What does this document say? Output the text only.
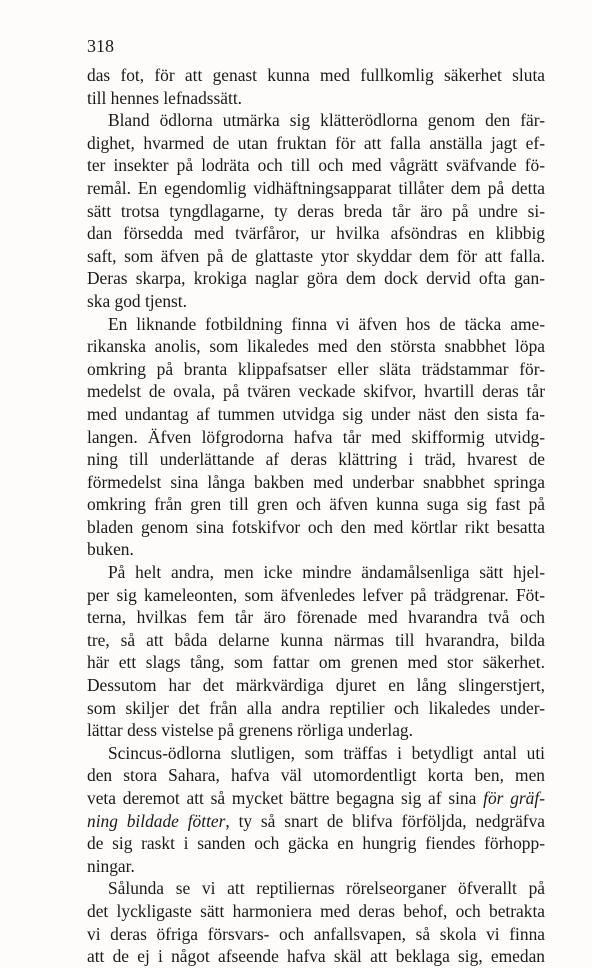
318
das fot, för att genast kunna med fullkomlig säkerhet sluta
till hennes lefnadssätt.
Bland ödlorna utmärka sig klätterödlorna genom den fär-
dighet, hvarmed de utan fruktan för att falla anställa jagt ef-
ter insekter på lodräta och till och med vågrätt sväfvande fö-
remål. En egendomlig vidhäftningsapparat tillåter dem på detta
sätt trotsa tyngdlagarne, ty deras breda tår äro på undre si-
dan försedda med tvärfåror, ur hvilka afsöndras en klibbig
saft, som äfven på de glattaste ytor skyddar dem för att falla.
Deras skarpa, krokiga naglar göra dem dock dervid ofta gan-
ska god tjenst.
En liknande fotbildning finna vi äfven hos de täcka ame-
rikanska anolis, som likaledes med den största snabbhet löpa
omkring på branta klippafsatser eller släta trädstammar för-
medelst de ovala, på tvären veckade skifvor, hvartill deras tår
med undantag af tummen utvidga sig under näst den sista fa-
langen. Äfven löfgrodorna hafva tår med skifformig utvidg-
ning till underlättande af deras klättring i träd, hvarest de
förmedelst sina långa bakben med underbar snabbhet springa
omkring från gren till gren och äfven kunna suga sig fast på
bladen genom sina fotskifvor och den med körtlar rikt besatta
buken.
På helt andra, men icke mindre ändamålsenliga sätt hjel-
per sig kameleonten, som äfvenledes lefver på trädgrenar. Föt-
terna, hvilkas fem tår äro förenade med hvarandra två och
tre, så att båda delarne kunna närmas till hvarandra, bilda
här ett slags tång, som fattar om grenen med stor säkerhet.
Dessutom har det märkvärdiga djuret en lång slingerstjert,
som skiljer det från alla andra reptilier och likaledes under-
lättar dess vistelse på grenens rörliga underlag.
Scincus-ödlorna slutligen, som träffas i betydligt antal uti
den stora Sahara, hafva väl utomordentligt korta ben, men
veta deremot att så mycket bättre begagna sig af sina för gräf-
ning bildade fötter, ty så snart de blifva förföljda, nedgräfva
de sig raskt i sanden och gäcka en hungrig fiendes förhopp-
ningar.
Sålunda se vi att reptiliernas rörelseorganer öfverallt på
det lyckligaste sätt harmoniera med deras behof, och betrakta
vi deras öfriga försvars- och anfallsvapen, så skola vi finna
att de ej i något afseende hafva skäl att beklaga sig, emedan
